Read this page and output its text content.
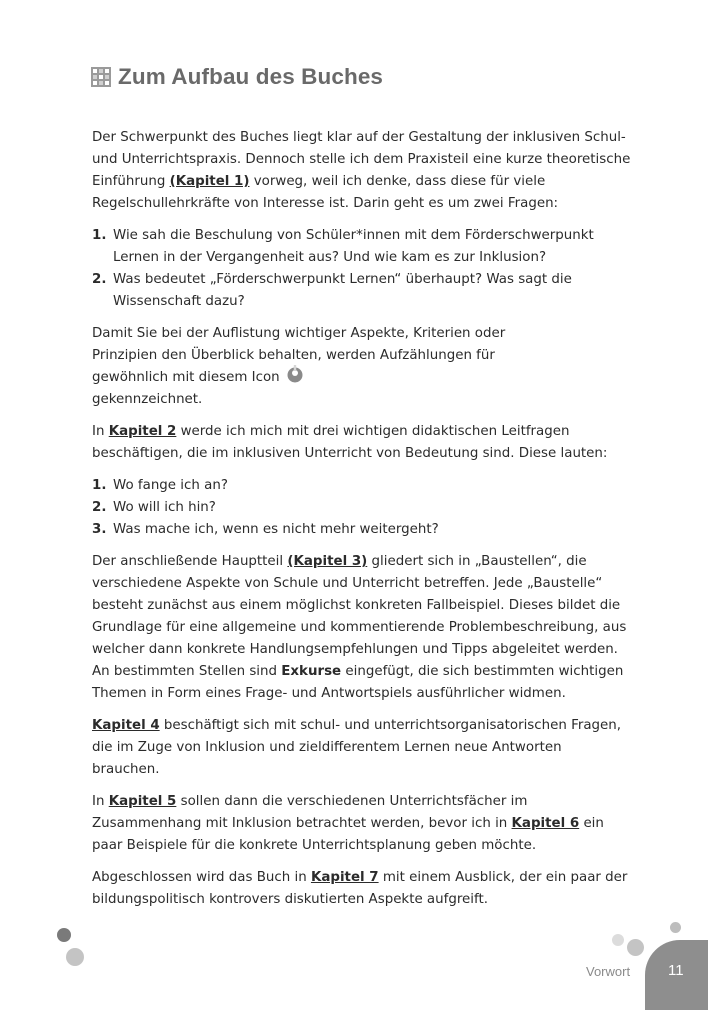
Zum Aufbau des Buches

Der Schwerpunkt des Buches liegt klar auf der Gestaltung der inklusiven Schul- und Unterrichtspraxis. Dennoch stelle ich dem Praxisteil eine kurze theoretische Einführung (Kapitel 1) vorweg, weil ich denke, dass diese für viele Regelschullehrkräfte von Interesse ist. Darin geht es um zwei Fragen:

1. Wie sah die Beschulung von Schüler*innen mit dem Förderschwerpunkt Lernen in der Vergangenheit aus? Und wie kam es zur Inklusion?
2. Was bedeutet „Förderschwerpunkt Lernen“ überhaupt? Was sagt die Wissenschaft dazu?

Damit Sie bei der Auflistung wichtiger Aspekte, Kriterien oder Prinzipien den Überblick behalten, werden Aufzählungen für gewöhnlich mit diesem Icon
gekennzeichnet.

In Kapitel 2 werde ich mich mit drei wichtigen didaktischen Leitfragen beschäftigen, die im inklusiven Unterricht von Bedeutung sind. Diese lauten:

1. Wo fange ich an?
2. Wo will ich hin?
3. Was mache ich, wenn es nicht mehr weitergeht?

Der anschließende Hauptteil (Kapitel 3) gliedert sich in „Baustellen“, die verschiedene Aspekte von Schule und Unterricht betreffen. Jede „Baustelle“ besteht zunächst aus einem möglichst konkreten Fallbeispiel. Dieses bildet die Grundlage für eine allgemeine und kommentierende Problembeschreibung, aus welcher dann konkrete Handlungsempfehlungen und Tipps abgeleitet werden. An bestimmten Stellen sind Exkurse eingefügt, die sich bestimmten wichtigen Themen in Form eines Frage- und Antwortspiels ausführlicher widmen.

Kapitel 4 beschäftigt sich mit schul- und unterrichtsorganisatorischen Fragen, die im Zuge von Inklusion und zieldifferentem Lernen neue Antworten brauchen.

In Kapitel 5 sollen dann die verschiedenen Unterrichtsfächer im Zusammenhang mit Inklusion betrachtet werden, bevor ich in Kapitel 6 ein paar Beispiele für die konkrete Unterrichtsplanung geben möchte.

Abgeschlossen wird das Buch in Kapitel 7 mit einem Ausblick, der ein paar der bildungspolitisch kontrovers diskutierten Aspekte aufgreift.

Vorwort	11
